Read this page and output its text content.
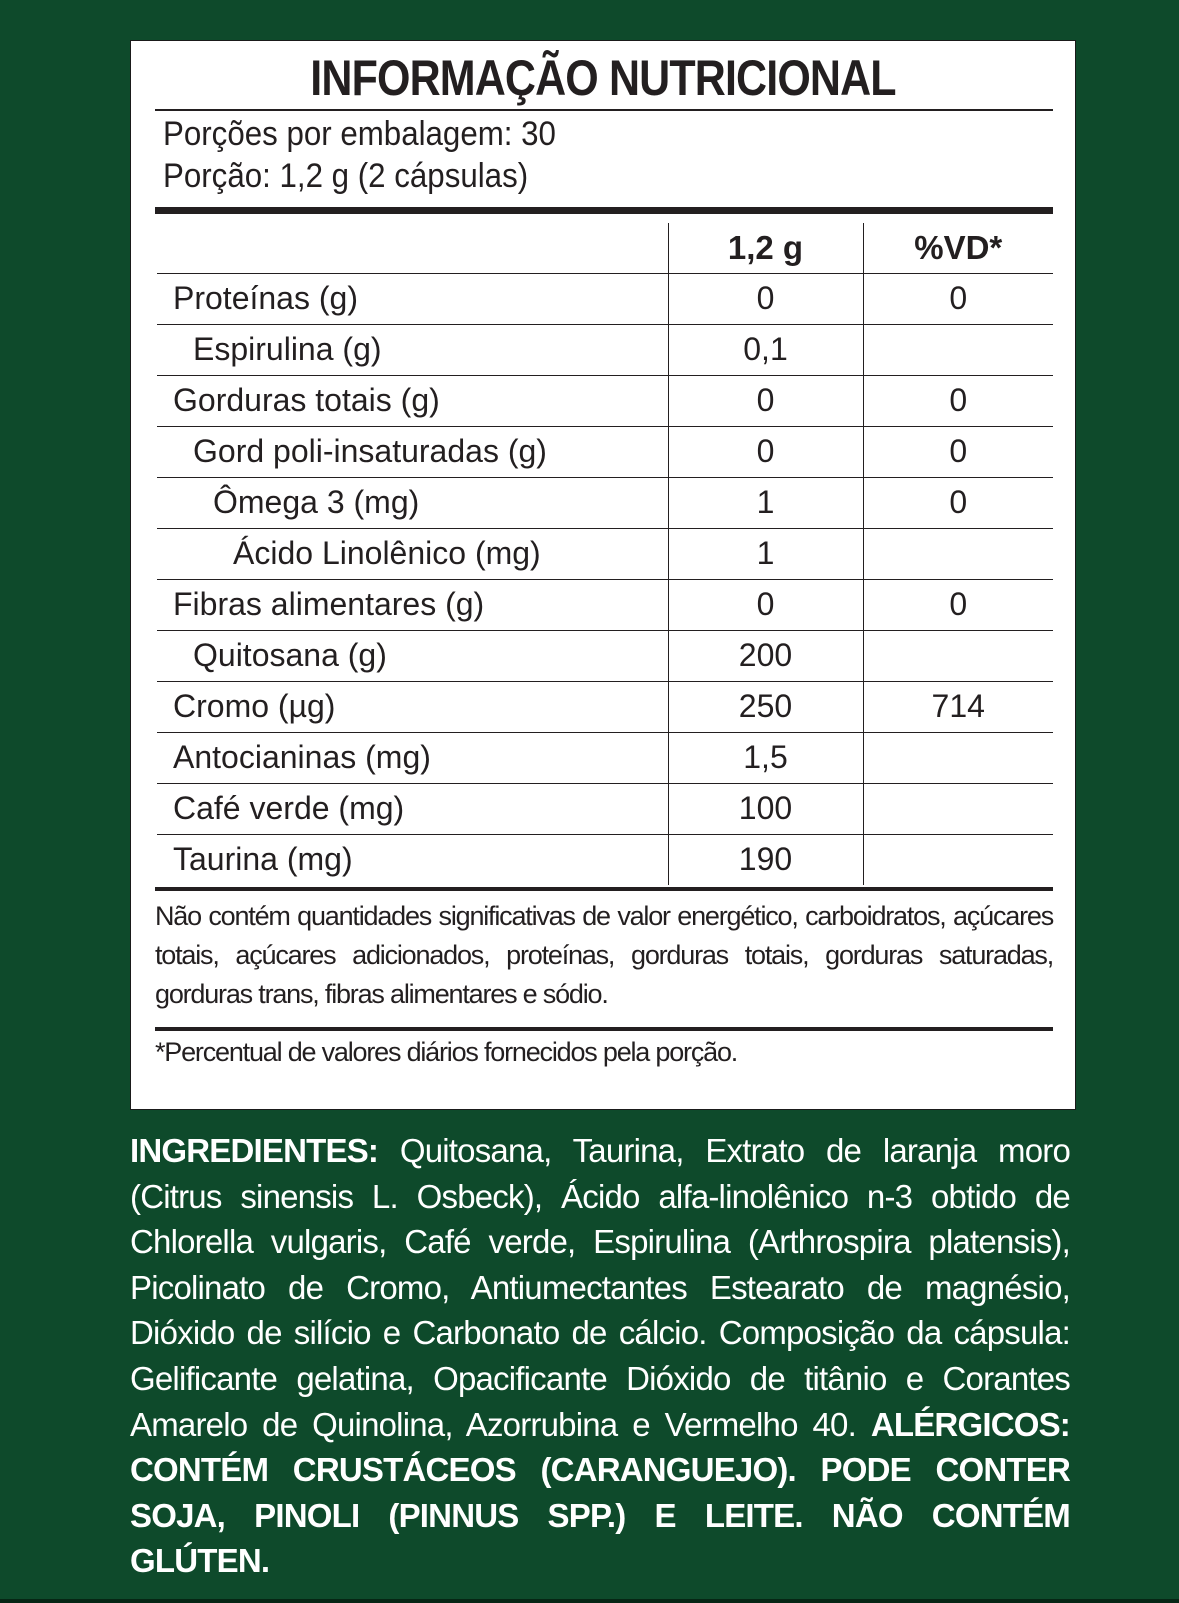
INFORMAÇÃO NUTRICIONAL
Porções por embalagem: 30
Porção: 1,2 g (2 cápsulas)
	1,2 g	%VD*
Proteínas (g)	0	0
Espirulina (g)	0,1	
Gorduras totais (g)	0	0
Gord poli-insaturadas (g)	0	0
Ômega 3 (mg)	1	0
Ácido Linolênico (mg)	1	
Fibras alimentares (g)	0	0
Quitosana (g)	200	
Cromo (µg)	250	714
Antocianinas (mg)	1,5	
Café verde (mg)	100	
Taurina (mg)	190	
Não contém quantidades significativas de valor energético, carboidratos, açúcares totais, açúcares adicionados, proteínas, gorduras totais, gorduras saturadas, gorduras trans, fibras alimentares e sódio.
*Percentual de valores diários fornecidos pela porção.
INGREDIENTES: Quitosana, Taurina, Extrato de laranja moro (Citrus sinensis L. Osbeck), Ácido alfa-linolênico n-3 obtido de Chlorella vulgaris, Café verde, Espirulina (Arthrospira platensis), Picolinato de Cromo, Antiumectantes Estearato de magnésio, Dióxido de silício e Carbonato de cálcio. Composição da cápsula: Gelificante gelatina, Opacificante Dióxido de titânio e Corantes Amarelo de Quinolina, Azorrubina e Vermelho 40. ALÉRGICOS: CONTÉM CRUSTÁCEOS (CARANGUEJO). PODE CONTER SOJA, PINOLI (PINNUS SPP.) E LEITE. NÃO CONTÉM GLÚTEN.
